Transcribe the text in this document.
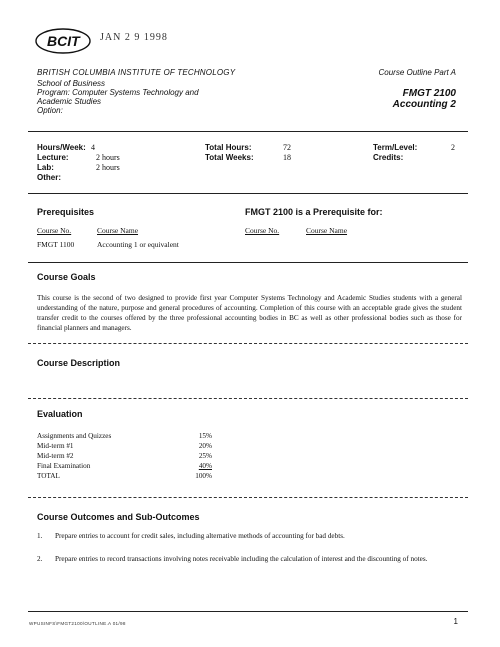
BCIT JAN 2 9 1998
BRITISH COLUMBIA INSTITUTE OF TECHNOLOGY
School of Business
Program: Computer Systems Technology and
Academic Studies
Option:
Course Outline Part A
FMGT 2100
Accounting 2
Hours/Week: 4
Lecture:	2 hours
Lab:	2 hours
Other:
Total Hours:	72
Total Weeks:	18
Term/Level:	2
Credits:
Prerequisites	FMGT 2100 is a Prerequisite for:
Course No.	Course Name	Course No.	Course Name
FMGT 1100	Accounting 1 or equivalent
Course Goals
This course is the second of two designed to provide first year Computer Systems Technology and Academic Studies students with a general understanding of the nature, purpose and general procedures of accounting. Completion of this course with an acceptable grade gives the student transfer credit to the courses offered by the three professional accounting bodies in BC as well as other professional bodies such as those for financial planners and managers.
Course Description
Evaluation
Assignments and Quizzes	15%
Mid-term #1	20%
Mid-term #2	25%
Final Examination	40%
TOTAL	100%
Course Outcomes and Sub-Outcomes
1. Prepare entries to account for credit sales, including alternative methods of accounting for bad debts.
2. Prepare entries to record transactions involving notes receivable including the calculation of interest and the discounting of notes.
WPUSINFS\FMGT2100\OUTLINE.A 01/98	1
